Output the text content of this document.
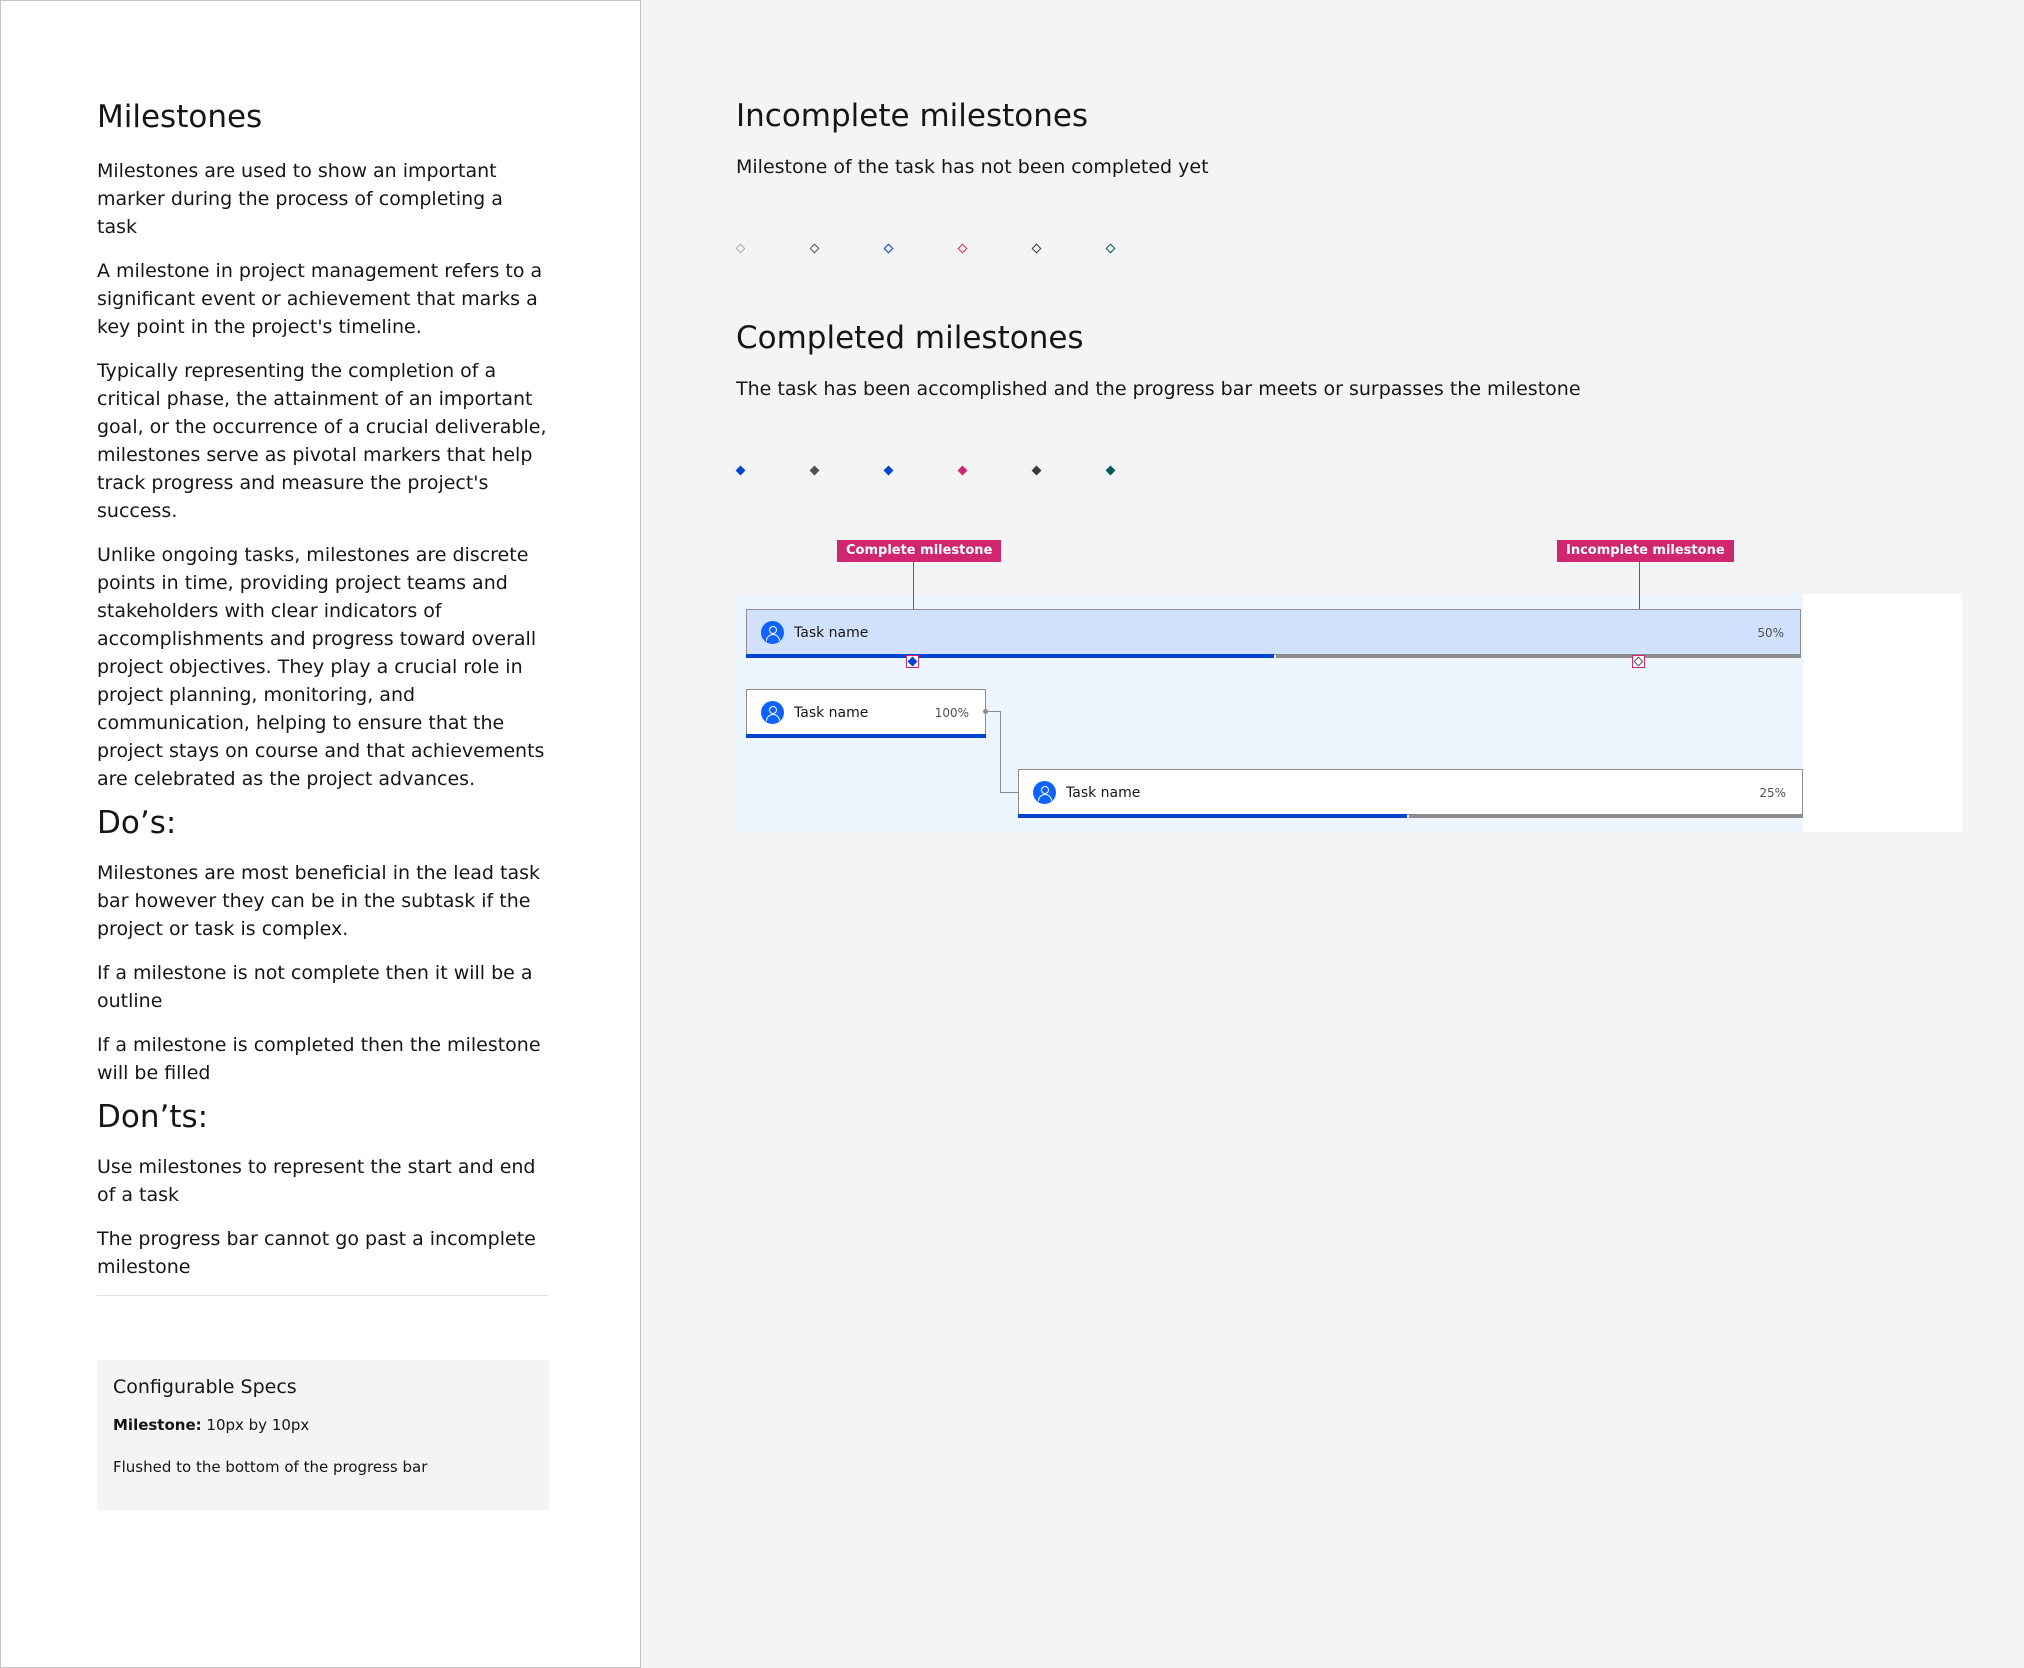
Milestones
Milestones are used to show an important marker during the process of completing a task
A milestone in project management refers to a significant event or achievement that marks a key point in the project's timeline.
Typically representing the completion of a critical phase, the attainment of an important goal, or the occurrence of a crucial deliverable, milestones serve as pivotal markers that help track progress and measure the project's success.
Unlike ongoing tasks, milestones are discrete points in time, providing project teams and stakeholders with clear indicators of accomplishments and progress toward overall project objectives. They play a crucial role in project planning, monitoring, and communication, helping to ensure that the project stays on course and that achievements are celebrated as the project advances.
Do’s:
Milestones are most beneficial in the lead task bar however they can be in the subtask if the project or task is complex.
If a milestone is not complete then it will be a outline
If a milestone is completed then the milestone will be filled
Don’ts:
Use milestones to represent the start and end of a task
The progress bar cannot go past a incomplete milestone
Configurable Specs
Milestone: 10px by 10px
Flushed to the bottom of the progress bar
Incomplete milestones
Milestone of the task has not been completed yet
Completed milestones
The task has been accomplished and the progress bar meets or surpasses the milestone
Complete milestone	Incomplete milestone
Task name	50%
Task name	100%
Task name	25%
